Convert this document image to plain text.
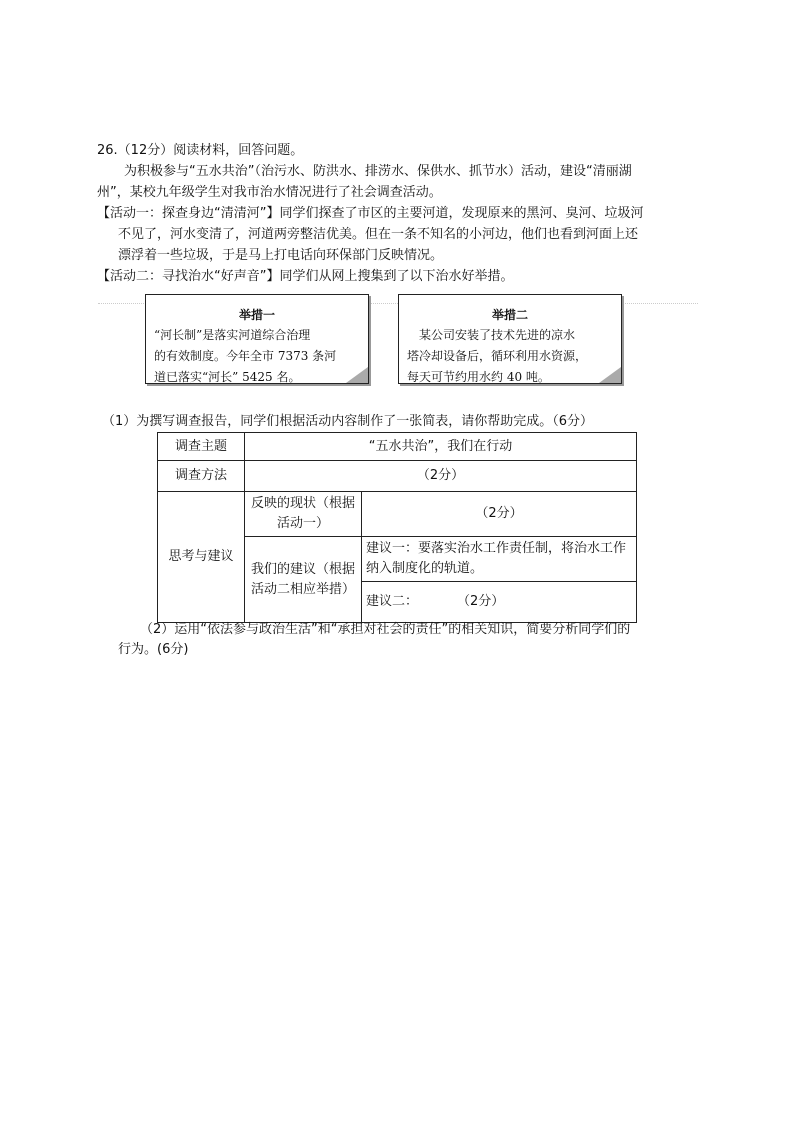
26.（12分）阅读材料，回答问题。
为积极参与“五水共治”（治污水、防洪水、排涝水、保供水、抓节水）活动，建设“清丽湖
州”，某校九年级学生对我市治水情况进行了社会调查活动。
【活动一：探查身边“清清河”】同学们探查了市区的主要河道，发现原来的黑河、臭河、垃圾河
不见了，河水变清了，河道两旁整洁优美。但在一条不知名的小河边，他们也看到河面上还
漂浮着一些垃圾，于是马上打电话向环保部门反映情况。
【活动二：寻找治水“好声音”】同学们从网上搜集到了以下治水好举措。
举措一
“河长制”是落实河道综合治理
的有效制度。今年全市 7373 条河
道已落实“河长” 5425 名。
举措二
　某公司安装了技术先进的凉水
塔冷却设备后，循环利用水资源，
每天可节约用水约 40 吨。
（1）为撰写调查报告，同学们根据活动内容制作了一张简表，请你帮助完成。（6分）
调查主题	“五水共治”，我们在行动	
调查方法	（2分）	
思考与建议	反映的现状（根据活动一）	（2分）
	我们的建议（根据活动二相应举措）	建议一：要落实治水工作责任制，将治水工作纳入制度化的轨道。
		建议二：　　　　（2分）
（2）运用“依法参与政治生活”和“承担对社会的责任”的相关知识，简要分析同学们的
行为。(6分)
